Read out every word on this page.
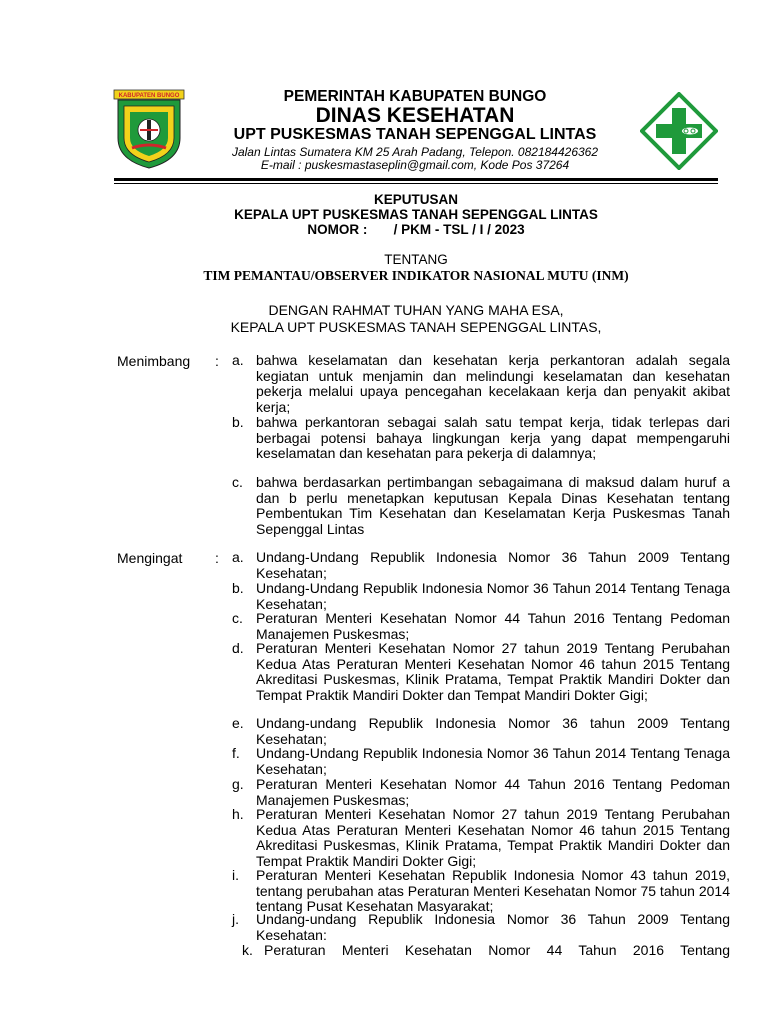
KABUPATEN BUNGO	PEMERINTAH KABUPATEN BUNGO
DINAS KESEHATAN
UPT PUSKESMAS TANAH SEPENGGAL LINTAS
Jalan Lintas Sumatera KM 25 Arah Padang, Telepon. 082184426362
E-mail : puskesmastaseplin@gmail.com, Kode Pos 37264
KEPUTUSAN
KEPALA UPT PUSKESMAS TANAH SEPENGGAL LINTAS
NOMOR :       / PKM - TSL / I / 2023
TENTANG
TIM PEMANTAU/OBSERVER INDIKATOR NASIONAL MUTU (INM)
DENGAN RAHMAT TUHAN YANG MAHA ESA,
KEPALA UPT PUSKESMAS TANAH SEPENGGAL LINTAS,
Menimbang : a. bahwa keselamatan dan kesehatan kerja perkantoran adalah segala kegiatan untuk menjamin dan melindungi keselamatan dan kesehatan pekerja melalui upaya pencegahan kecelakaan kerja dan penyakit akibat kerja;
b. bahwa perkantoran sebagai salah satu tempat kerja, tidak terlepas dari berbagai potensi bahaya lingkungan kerja yang dapat mempengaruhi keselamatan dan kesehatan para pekerja di dalamnya;
c. bahwa berdasarkan pertimbangan sebagaimana di maksud dalam huruf a dan b perlu menetapkan keputusan Kepala Dinas Kesehatan tentang Pembentukan Tim Kesehatan dan Keselamatan Kerja Puskesmas Tanah Sepenggal Lintas
Mengingat : a. Undang-Undang Republik Indonesia Nomor 36 Tahun 2009 Tentang Kesehatan;
b. Undang-Undang Republik Indonesia Nomor 36 Tahun 2014 Tentang Tenaga Kesehatan;
c. Peraturan Menteri Kesehatan Nomor 44 Tahun 2016 Tentang Pedoman Manajemen Puskesmas;
d. Peraturan Menteri Kesehatan Nomor 27 tahun 2019 Tentang Perubahan Kedua Atas Peraturan Menteri Kesehatan Nomor 46 tahun 2015 Tentang Akreditasi Puskesmas, Klinik Pratama, Tempat Praktik Mandiri Dokter dan Tempat Praktik Mandiri Dokter dan Tempat Mandiri Dokter Gigi;
e. Undang-undang Republik Indonesia Nomor 36 tahun 2009 Tentang Kesehatan;
f.	Undang-Undang Republik Indonesia Nomor 36 Tahun 2014 Tentang Tenaga Kesehatan;
g. Peraturan Menteri Kesehatan Nomor 44 Tahun 2016 Tentang Pedoman Manajemen Puskesmas;
h. Peraturan Menteri Kesehatan Nomor 27 tahun 2019 Tentang Perubahan Kedua Atas Peraturan Menteri Kesehatan Nomor 46 tahun 2015 Tentang Akreditasi Puskesmas, Klinik Pratama, Tempat Praktik Mandiri Dokter dan Tempat Praktik Mandiri Dokter Gigi;
i.	Peraturan Menteri Kesehatan Republik Indonesia Nomor 43 tahun 2019, tentang perubahan atas Peraturan Menteri Kesehatan Nomor 75 tahun 2014 tentang Pusat Kesehatan Masyarakat;
j.	Undang-undang Republik Indonesia Nomor 36 Tahun 2009 Tentang Kesehatan:
k. Peraturan Menteri Kesehatan Nomor 44 Tahun 2016 Tentang
